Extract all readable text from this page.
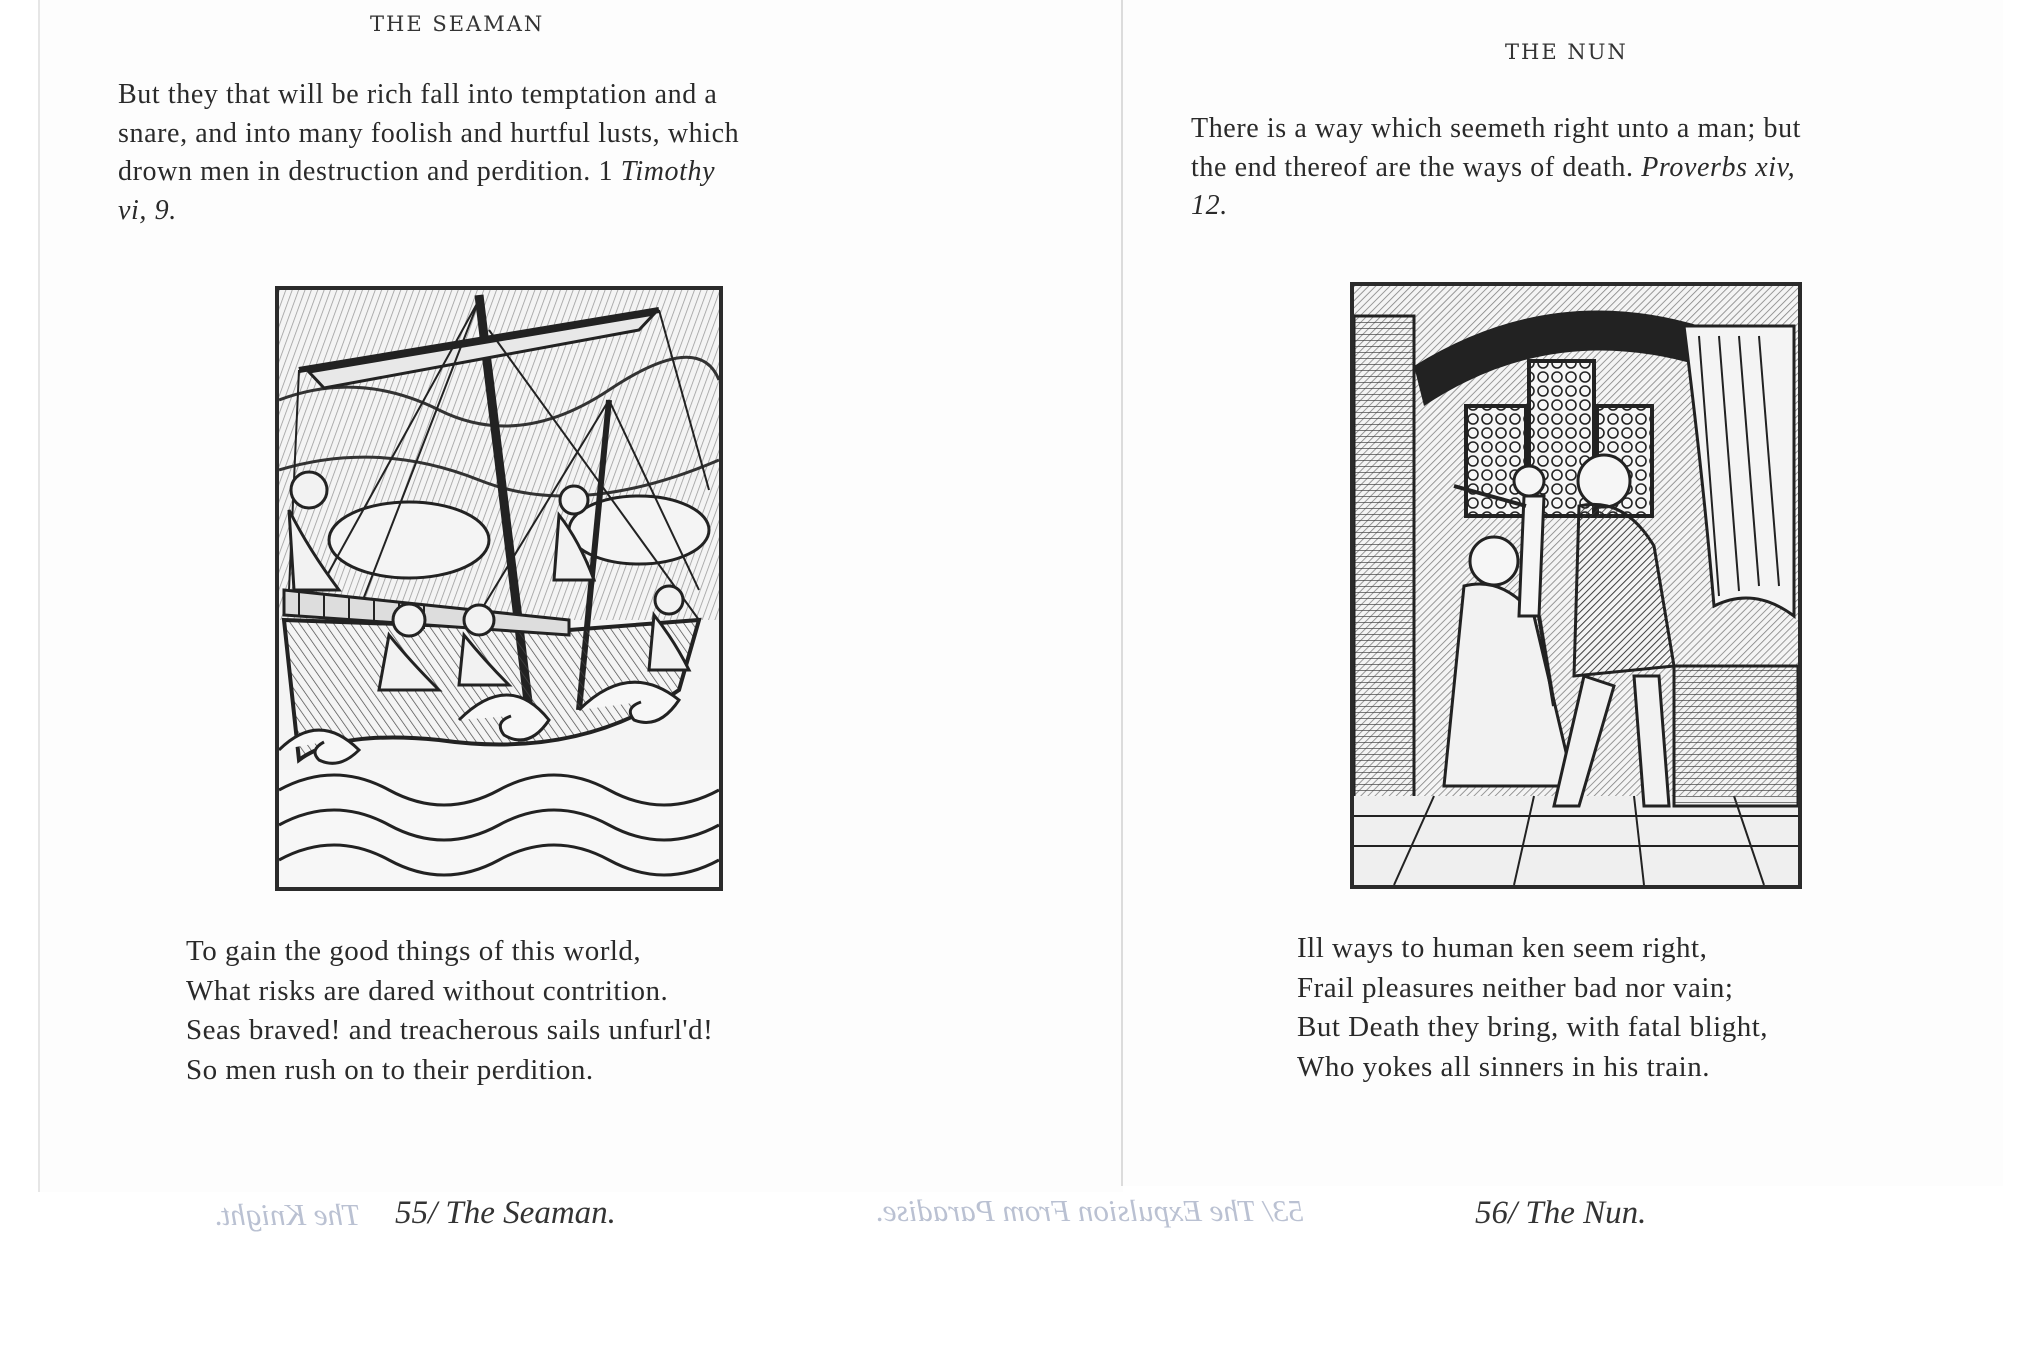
THE SEAMAN

But they that will be rich fall into temptation and a
snare, and into many foolish and hurtful lusts, which
drown men in destruction and perdition. 1 Timothy
vi, 9.

To gain the good things of this world,
What risks are dared without contrition.
Seas braved! and treacherous sails unfurl'd!
So men rush on to their perdition.

THE NUN

There is a way which seemeth right unto a man; but
the end thereof are the ways of death. Proverbs xiv,
12.

Ill ways to human ken seem right,
Frail pleasures neither bad nor vain;
But Death they bring, with fatal blight,
Who yokes all sinners in his train.

The Knight.	53/ The Expulsion From Paradise.

55/ The Seaman.	56/ The Nun.
